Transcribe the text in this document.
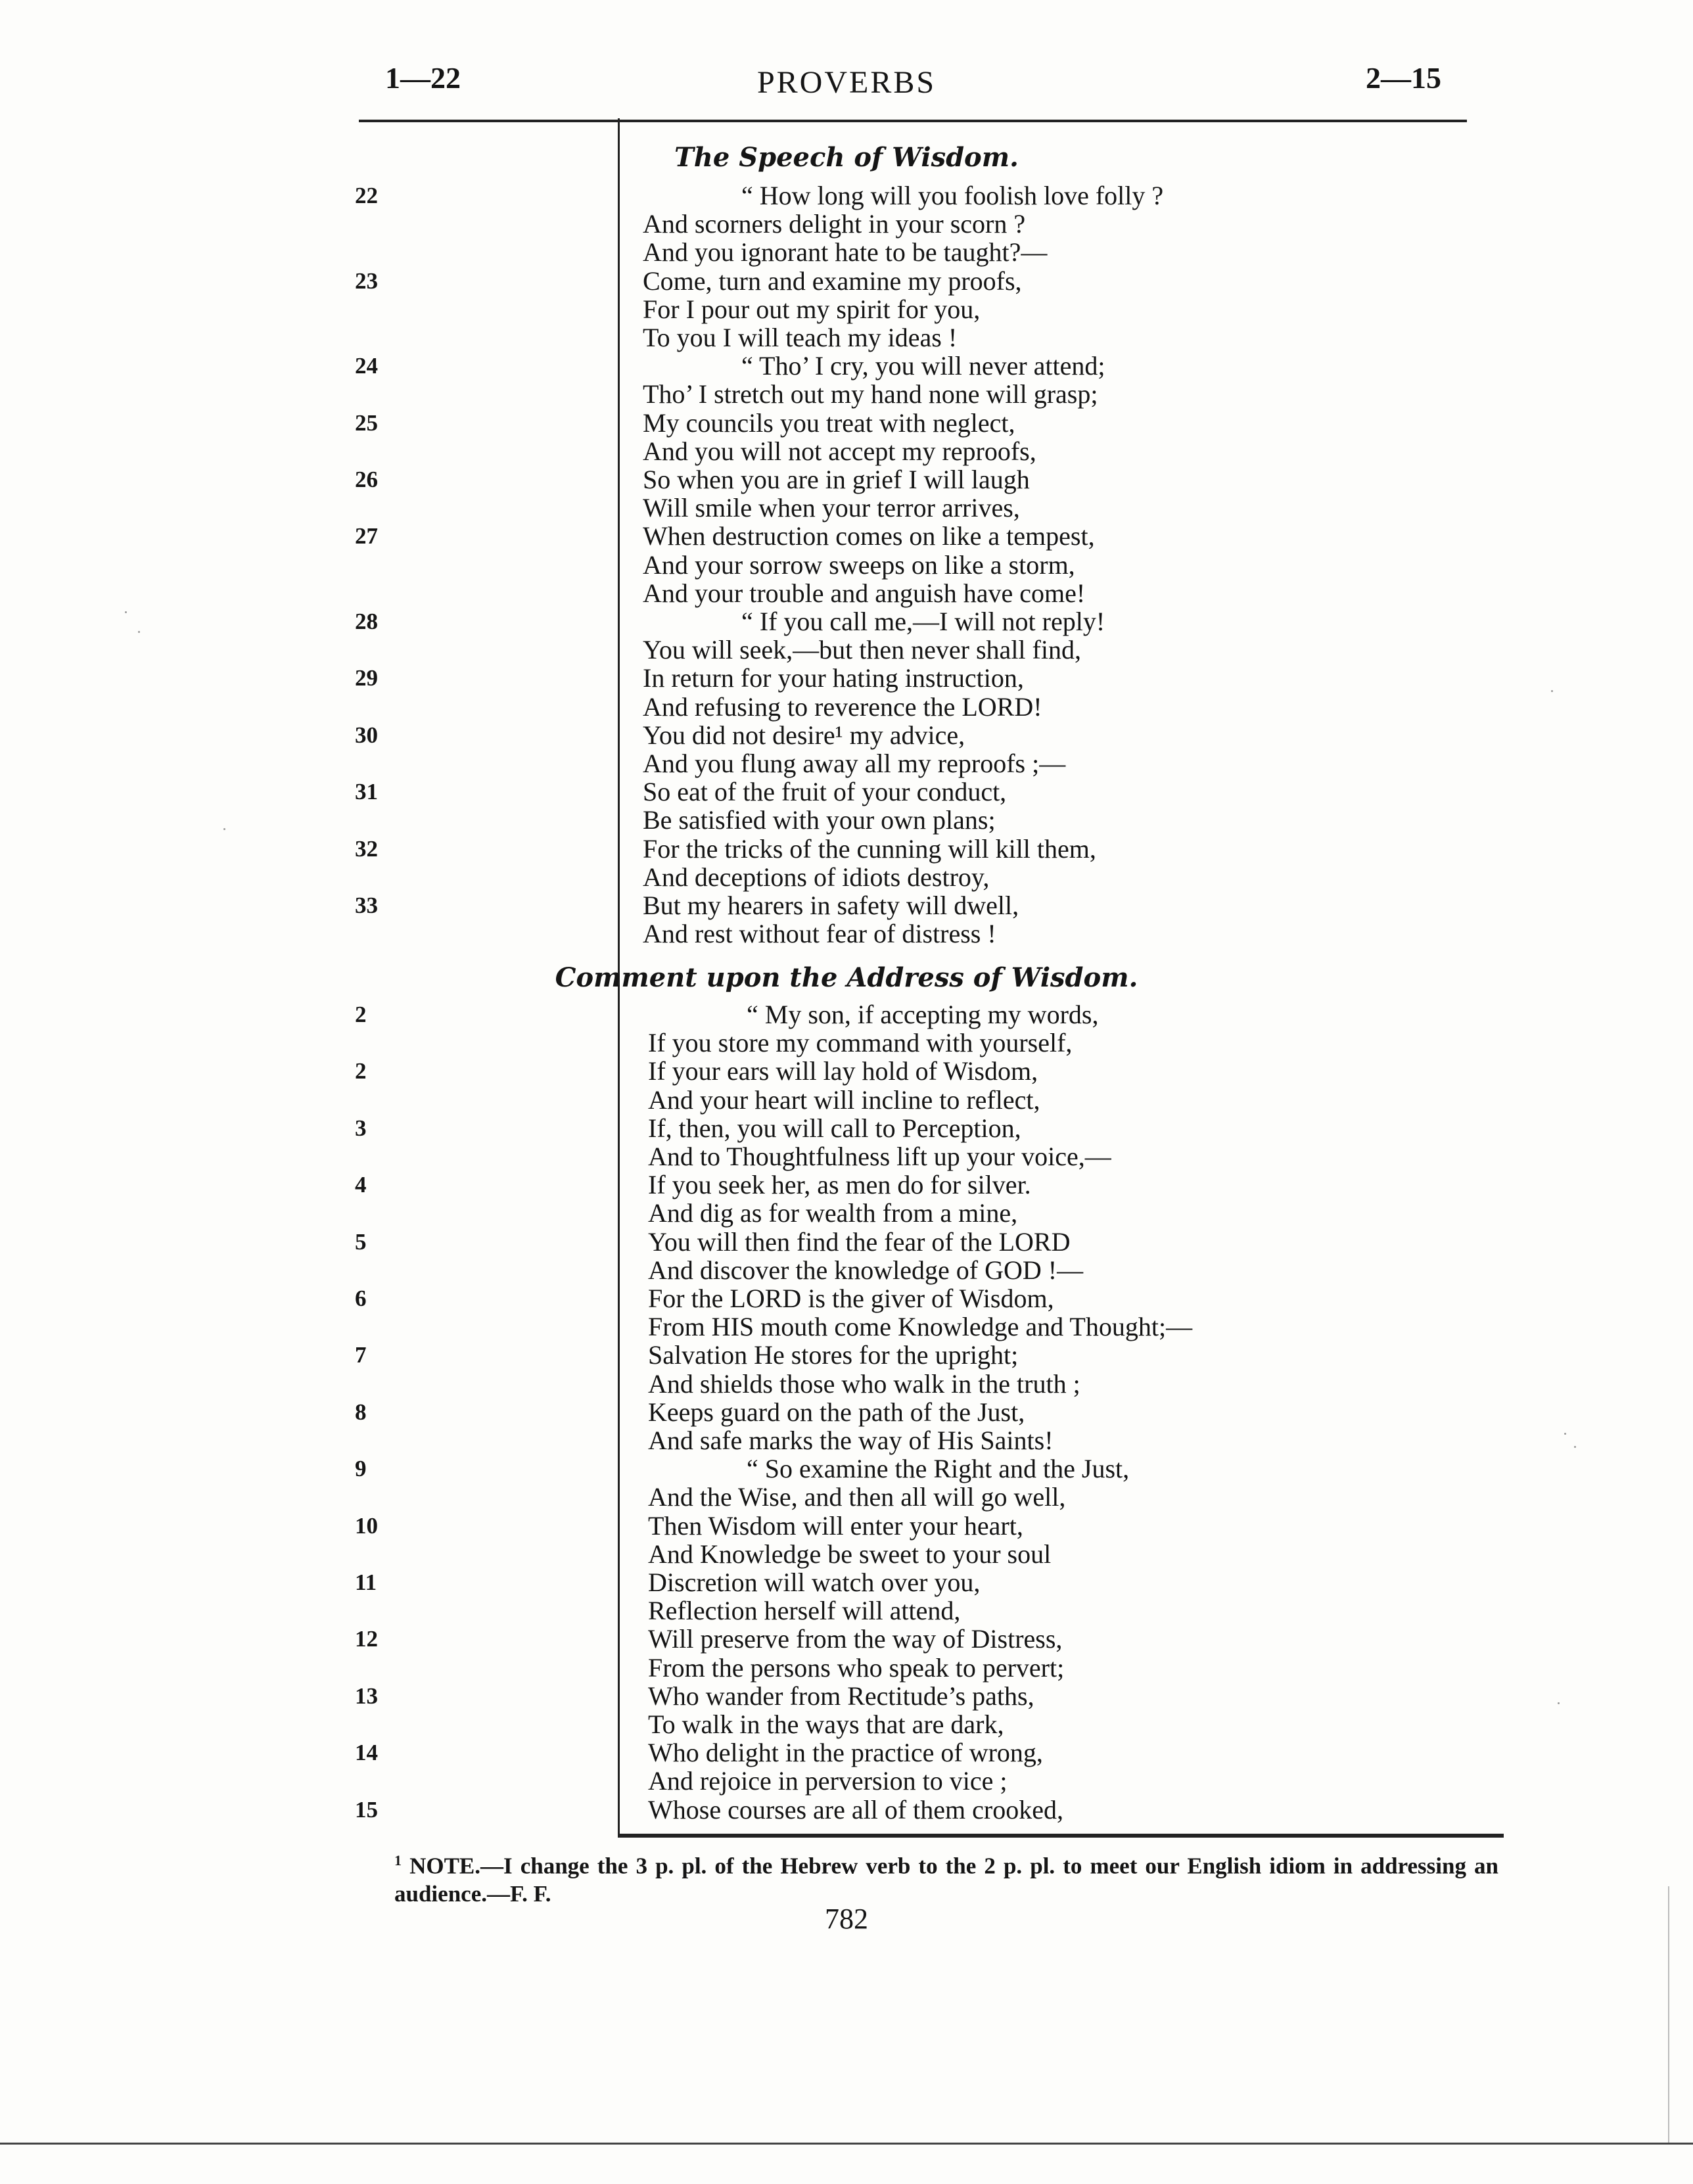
1—22	PROVERBS	2—15
The Speech of Wisdom.
Comment upon the Address of Wisdom.
22	“ How long will you foolish love folly ?
And scorners delight in your scorn ?
And you ignorant hate to be taught?—
23	Come, turn and examine my proofs,
For I pour out my spirit for you,
To you I will teach my ideas !
24	“ Tho’ I cry, you will never attend;
Tho’ I stretch out my hand none will grasp;
25	My councils you treat with neglect,
And you will not accept my reproofs,
26	So when you are in grief I will laugh
Will smile when your terror arrives,
27	When destruction comes on like a tempest,
And your sorrow sweeps on like a storm,
And your trouble and anguish have come!
28	“ If you call me,—I will not reply!
You will seek,—but then never shall find,
29	In return for your hating instruction,
And refusing to reverence the LORD!
30	You did not desire¹ my advice,
And you flung away all my reproofs ;—
31	So eat of the fruit of your conduct,
Be satisfied with your own plans;
32	For the tricks of the cunning will kill them,
And deceptions of idiots destroy,
33	But my hearers in safety will dwell,
And rest without fear of distress !
2	“ My son, if accepting my words,
If you store my command with yourself,
2	If your ears will lay hold of Wisdom,
And your heart will incline to reflect,
3	If, then, you will call to Perception,
And to Thoughtfulness lift up your voice,—
4	If you seek her, as men do for silver.
And dig as for wealth from a mine,
5	You will then find the fear of the LORD
And discover the knowledge of GOD !—
6	For the LORD is the giver of Wisdom,
From HIS mouth come Knowledge and Thought;—
7	Salvation He stores for the upright;
And shields those who walk in the truth ;
8	Keeps guard on the path of the Just,
And safe marks the way of His Saints!
9	“ So examine the Right and the Just,
And the Wise, and then all will go well,
10	Then Wisdom will enter your heart,
And Knowledge be sweet to your soul
11	Discretion will watch over you,
Reflection herself will attend,
12	Will preserve from the way of Distress,
From the persons who speak to pervert;
13	Who wander from Rectitude’s paths,
To walk in the ways that are dark,
14	Who delight in the practice of wrong,
And rejoice in perversion to vice ;
15	Whose courses are all of them crooked,
$^1$ NOTE.—I change the 3 p. pl. of the Hebrew verb to the 2 p. pl. to meet our English idiom in addressing an audience.—F. F.
782
